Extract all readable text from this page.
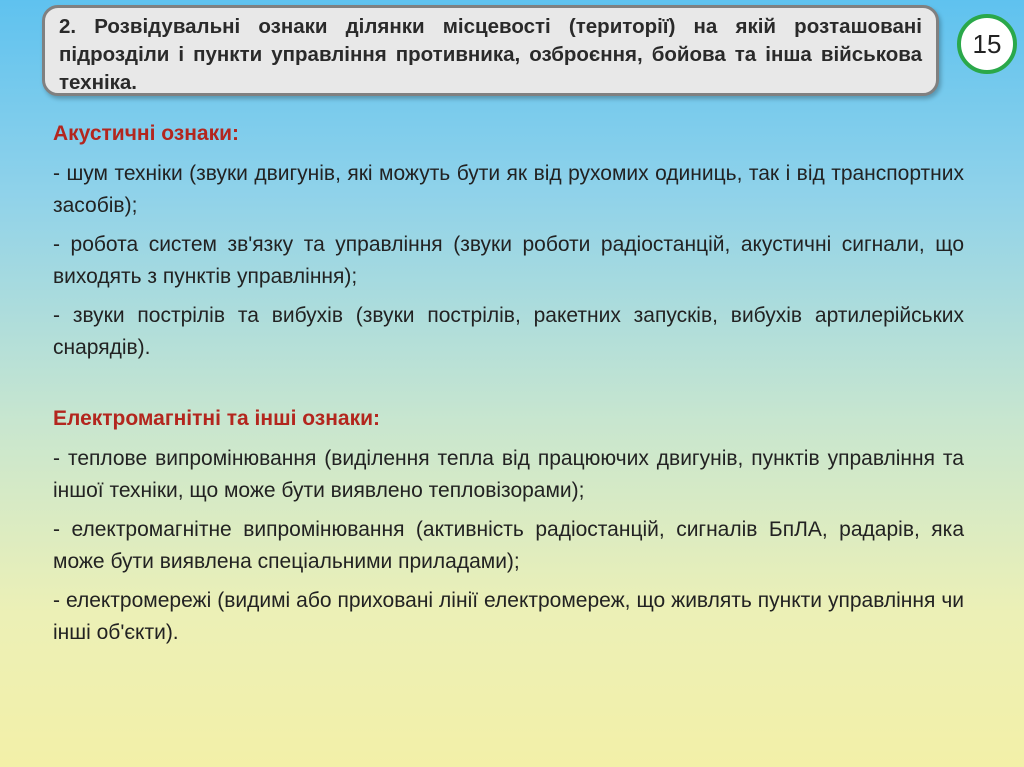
2. Розвідувальні ознаки ділянки місцевості (території) на якій розташовані підрозділи і пункти управління противника, озброєння, бойова та інша військова техніка.

15

Акустичні ознаки:

- шум техніки (звуки двигунів, які можуть бути як від рухомих одиниць, так і від транспортних засобів);

- робота систем зв'язку та управління (звуки роботи радіостанцій, акустичні сигнали, що виходять з пунктів управління);

- звуки пострілів та вибухів (звуки пострілів, ракетних запусків, вибухів артилерійських снарядів).

Електромагнітні та інші ознаки:

- теплове випромінювання (виділення тепла від працюючих двигунів, пунктів управління та іншої техніки, що може бути виявлено тепловізорами);

- електромагнітне випромінювання (активність радіостанцій, сигналів БпЛА, радарів, яка може бути виявлена спеціальними приладами);

- електромережі (видимі або приховані лінії електромереж, що живлять пункти управління чи інші об'єкти).
